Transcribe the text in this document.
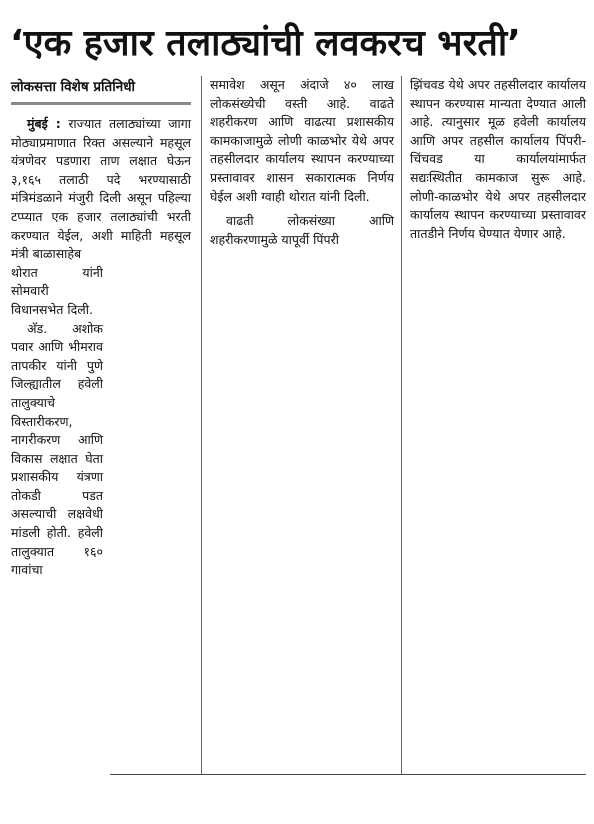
‘एक हजार तलाठ्यांची लवकरच भरती’
लोकसत्ता विशेष प्रतिनिधी

मुंबई : राज्यात तलाठ्यांच्या जागा मोठ्याप्रमाणात रिक्त असल्याने महसूल यंत्रणेवर पडणारा ताण लक्षात घेऊन ३,१६५ तलाठी पदे भरण्यासाठी मंत्रिमंडळाने मंजुरी दिली असून पहिल्या टप्प्यात एक हजार तलाठ्यांची भरती करण्यात येईल, अशी माहिती महसूल मंत्री बाळासाहेब

थोरात यांनी सोमवारी विधानसभेत दिली.

अ‍ॅड. अशोक पवार आणि भीमराव तापकीर यांनी पुणे जिल्ह्यातील हवेली तालुक्याचे विस्तारीकरण, नागरीकरण आणि विकास लक्षात घेता प्रशासकीय यंत्रणा तोकडी पडत असल्याची लक्षवेधी मांडली होती. हवेली तालुक्यात १६० गावांचा

समावेश असून अंदाजे ४० लाख लोकसंख्येची वस्ती आहे. वाढते शहरीकरण आणि वाढत्या प्रशासकीय कामकाजामुळे लोणी काळभोर येथे अपर तहसीलदार कार्यालय स्थापन करण्याच्या प्रस्तावावर शासन सकारात्मक निर्णय घेईल अशी ग्वाही थोरात यांनी दिली.

वाढती लोकसंख्या आणि शहरीकरणामुळे यापूर्वी पिंपरी

झिंचवड येथे अपर तहसीलदार कार्यालय स्थापन करण्यास मान्यता देण्यात आली आहे. त्यानुसार मूळ हवेली कार्यालय आणि अपर तहसील कार्यालय पिंपरी-चिंचवड या कार्यालयांमार्फत सद्यःस्थितीत कामकाज सुरू आहे. लोणी-काळभोर येथे अपर तहसीलदार कार्यालय स्थापन करण्याच्या प्रस्तावावर तातडीने निर्णय घेण्यात येणार आहे.
